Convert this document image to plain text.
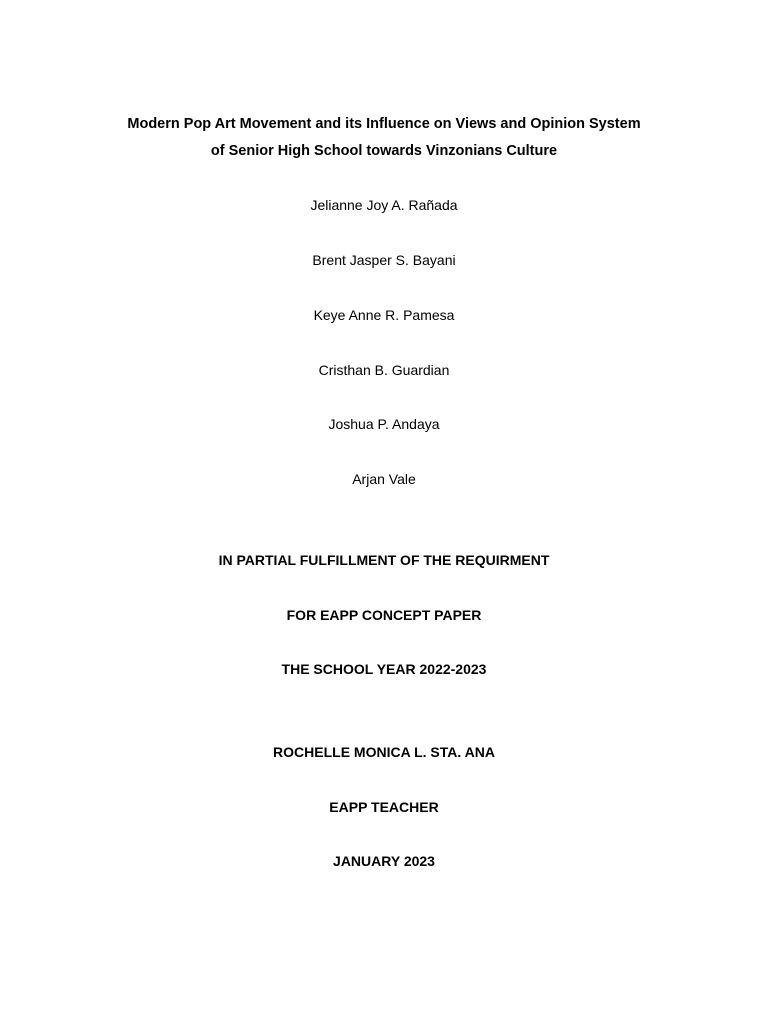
Modern Pop Art Movement and its Influence on Views and Opinion System
of Senior High School towards Vinzonians Culture
Jelianne Joy A. Rañada
Brent Jasper S. Bayani
Keye Anne R. Pamesa
Cristhan B. Guardian
Joshua P. Andaya
Arjan Vale
IN PARTIAL FULFILLMENT OF THE REQUIRMENT
FOR EAPP CONCEPT PAPER
THE SCHOOL YEAR 2022-2023
ROCHELLE MONICA L. STA. ANA
EAPP TEACHER
JANUARY 2023
